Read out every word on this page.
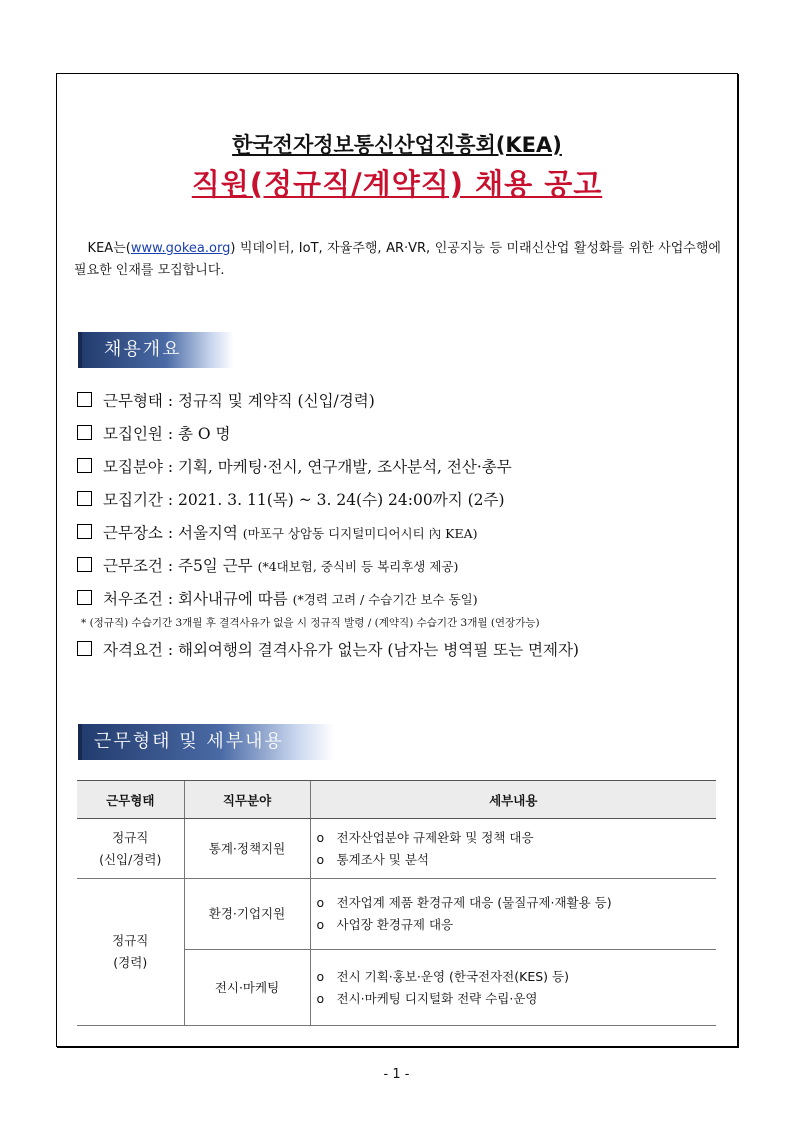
한국전자정보통신산업진흥회(KEA)
직원(정규직/계약직) 채용 공고
KEA는(www.gokea.org) 빅데이터, IoT, 자율주행, AR·VR, 인공지능 등 미래신산업 활성화를 위한 사업수행에 필요한 인재를 모집합니다.
채용개요
근무형태 : 정규직 및 계약직 (신입/경력)
모집인원 : 총 O 명
모집분야 : 기획, 마케팅·전시, 연구개발, 조사분석, 전산·총무
모집기간 : 2021. 3. 11(목) ~ 3. 24(수) 24:00까지 (2주)
근무장소 : 서울지역 (마포구 상암동 디지털미디어시티 內 KEA)
근무조건 : 주5일 근무 (*4대보험, 중식비 등 복리후생 제공)
처우조건 : 회사내규에 따름 (*경력 고려 / 수습기간 보수 동일)
* (정규직) 수습기간 3개월 후 결격사유가 없을 시 정규직 발령 / (계약직) 수습기간 3개월 (연장가능)
자격요건 : 해외여행의 결격사유가 없는자 (남자는 병역필 또는 면제자)
근무형태 및 세부내용
근무형태	직무분야	세부내용
정규직
(신입/경력)	통계·정책지원	o 전자산업분야 규제완화 및 정책 대응
o 통계조사 및 분석

정규직
(경력)	환경·기업지원	o 전자업계 제품 환경규제 대응 (물질규제·재활용 등)
o 사업장 환경규제 대응

	전시·마케팅	o 전시 기획·홍보·운영 (한국전자전(KES) 등)
o 전시·마케팅 디지털화 전략 수립·운영
- 1 -
